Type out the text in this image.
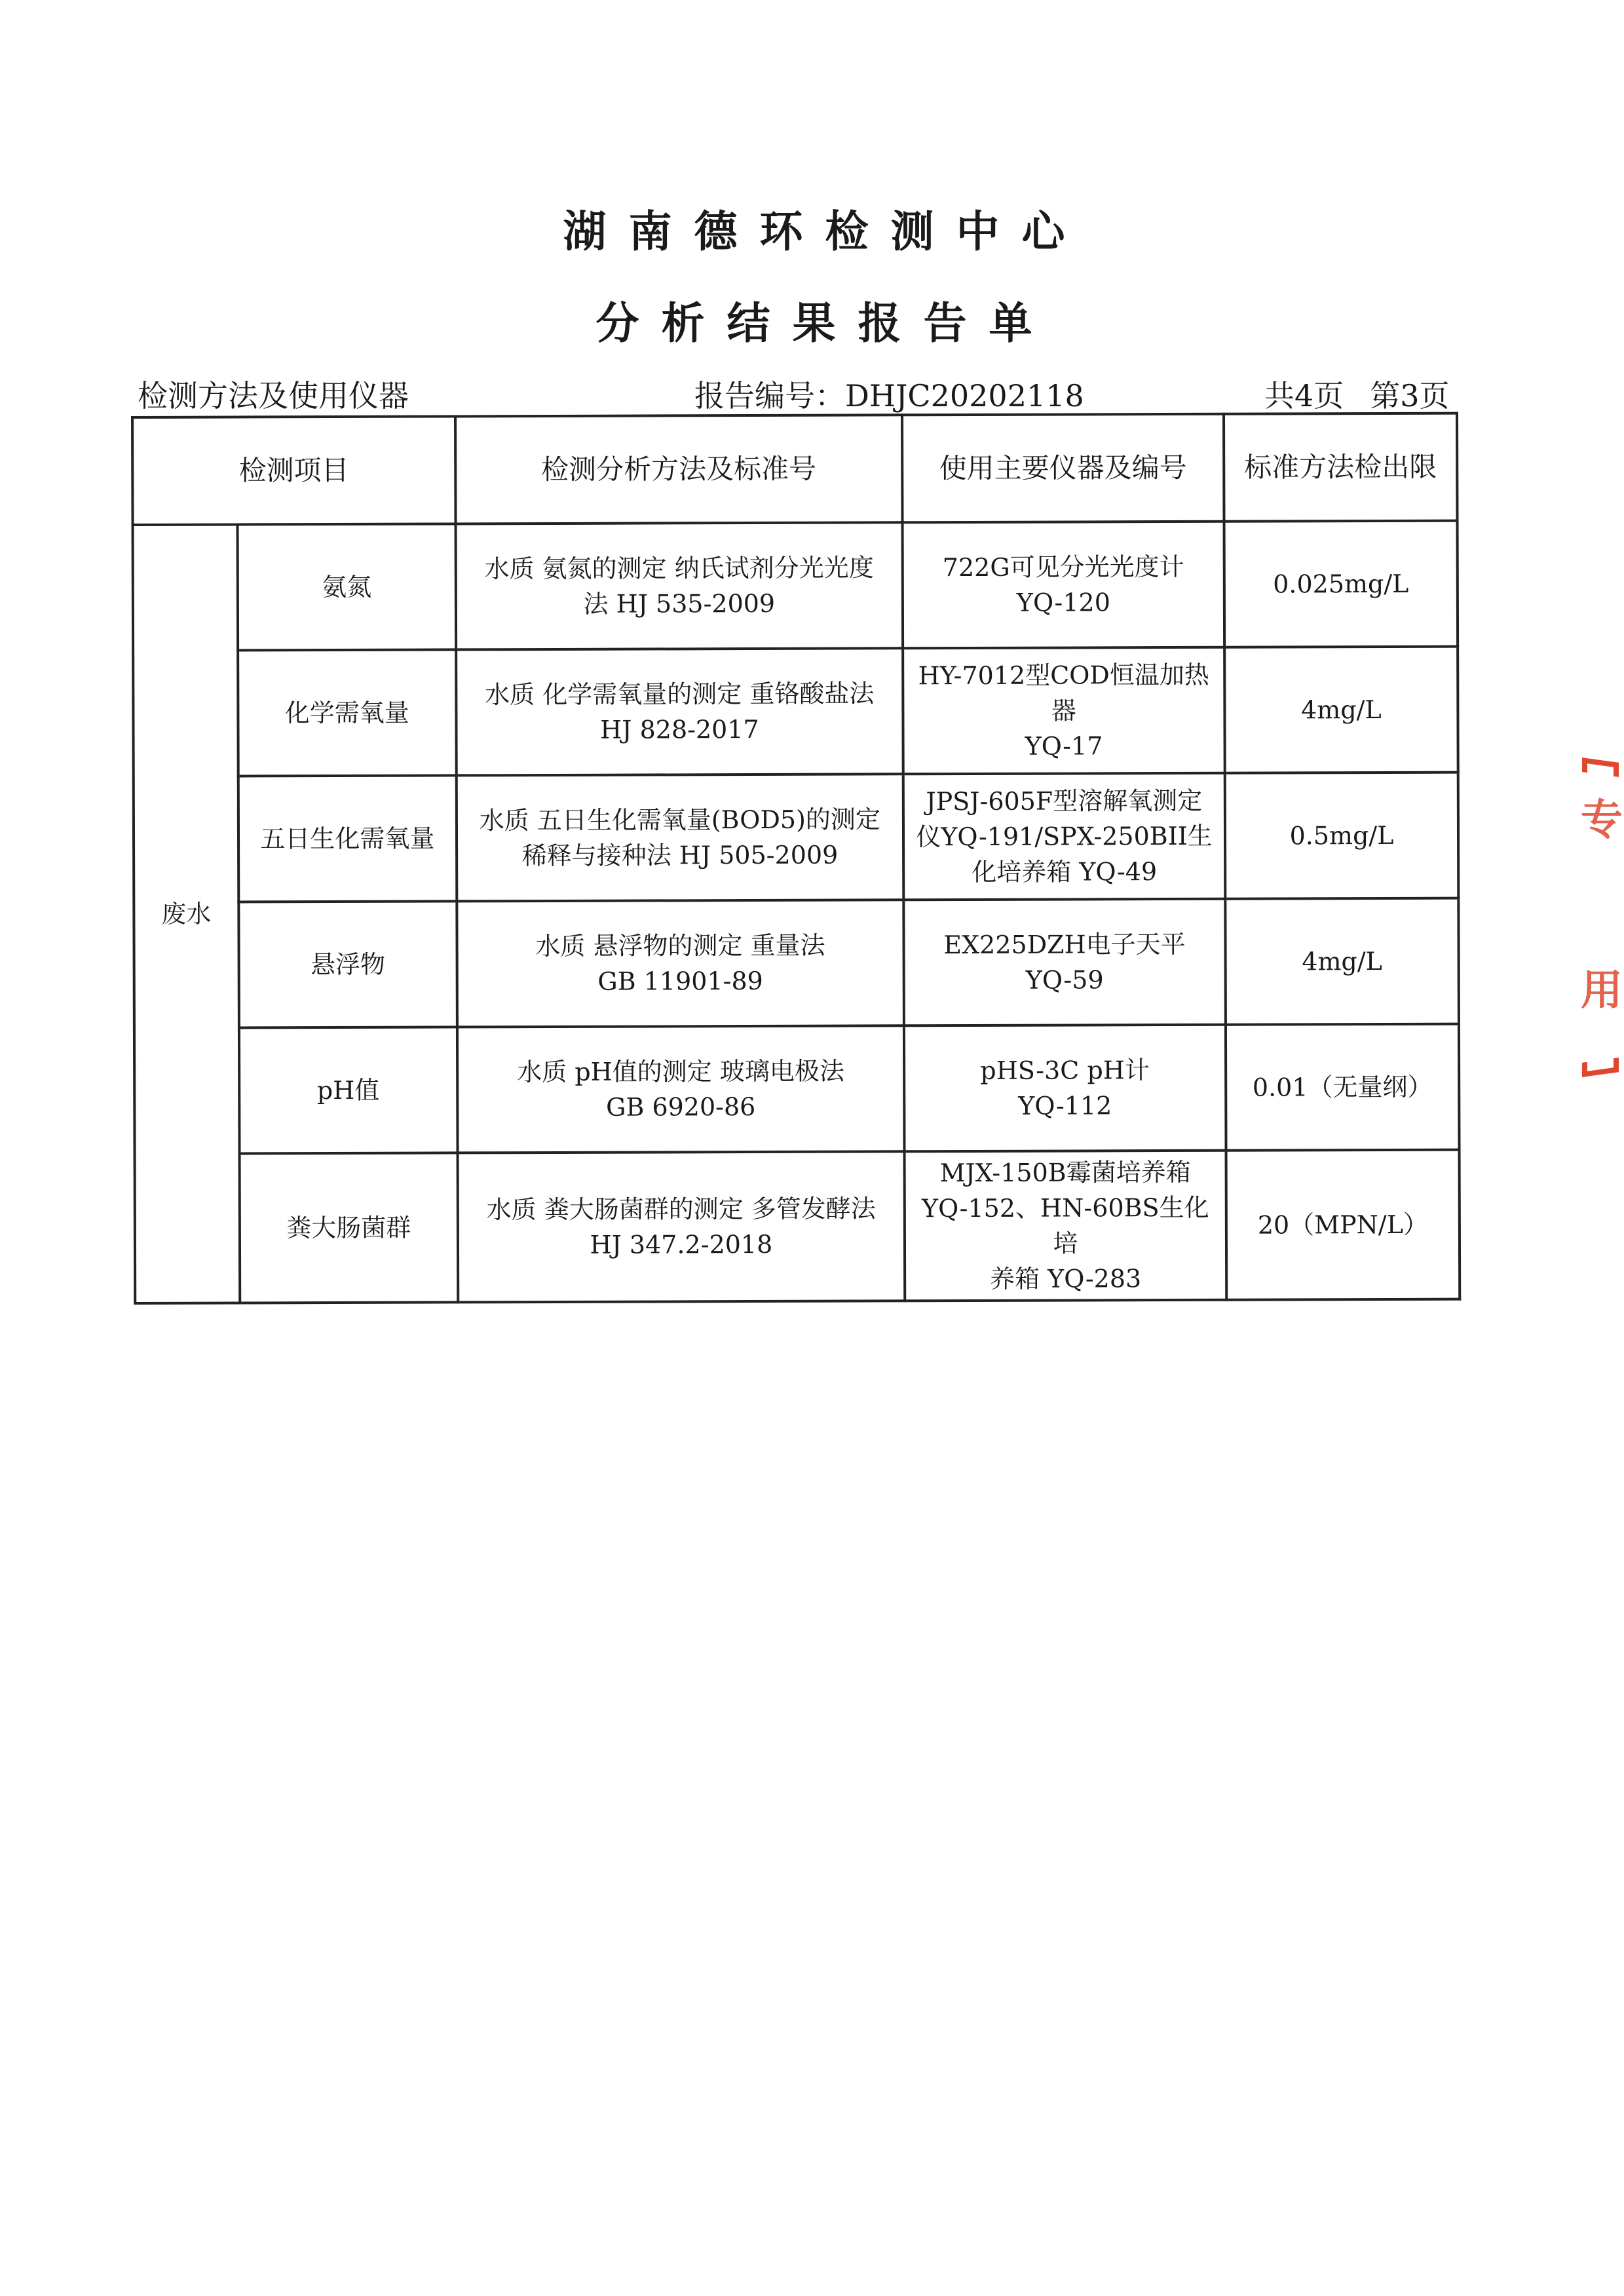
湖南德环检测中心
分析结果报告单
检测方法及使用仪器	报告编号：DHJC20202118	共4页 第3页
检测项目		检测分析方法及标准号	使用主要仪器及编号	标准方法检出限
废水	氨氮	水质 氨氮的测定 纳氏试剂分光光度
法 HJ 535-2009	722G可见分光光度计
YQ-120	0.025mg/L
	化学需氧量	水质 化学需氧量的测定 重铬酸盐法
HJ 828-2017	HY-7012型COD恒温加热器
YQ-17	4mg/L
	五日生化需氧量	水质 五日生化需氧量(BOD5)的测定
稀释与接种法 HJ 505-2009	JPSJ-605F型溶解氧测定
仪YQ-191/SPX-250BII生
化培养箱 YQ-49	0.5mg/L
	悬浮物	水质 悬浮物的测定 重量法
GB 11901-89	EX225DZH电子天平
YQ-59	4mg/L
	pH值	水质 pH值的测定 玻璃电极法
GB 6920-86	pHS-3C pH计
YQ-112	0.01（无量纲）
	粪大肠菌群	水质 粪大肠菌群的测定 多管发酵法
HJ 347.2-2018	MJX-150B霉菌培养箱
YQ-152、HN-60BS生化培
养箱 YQ-283	20（MPN/L）
专
用
